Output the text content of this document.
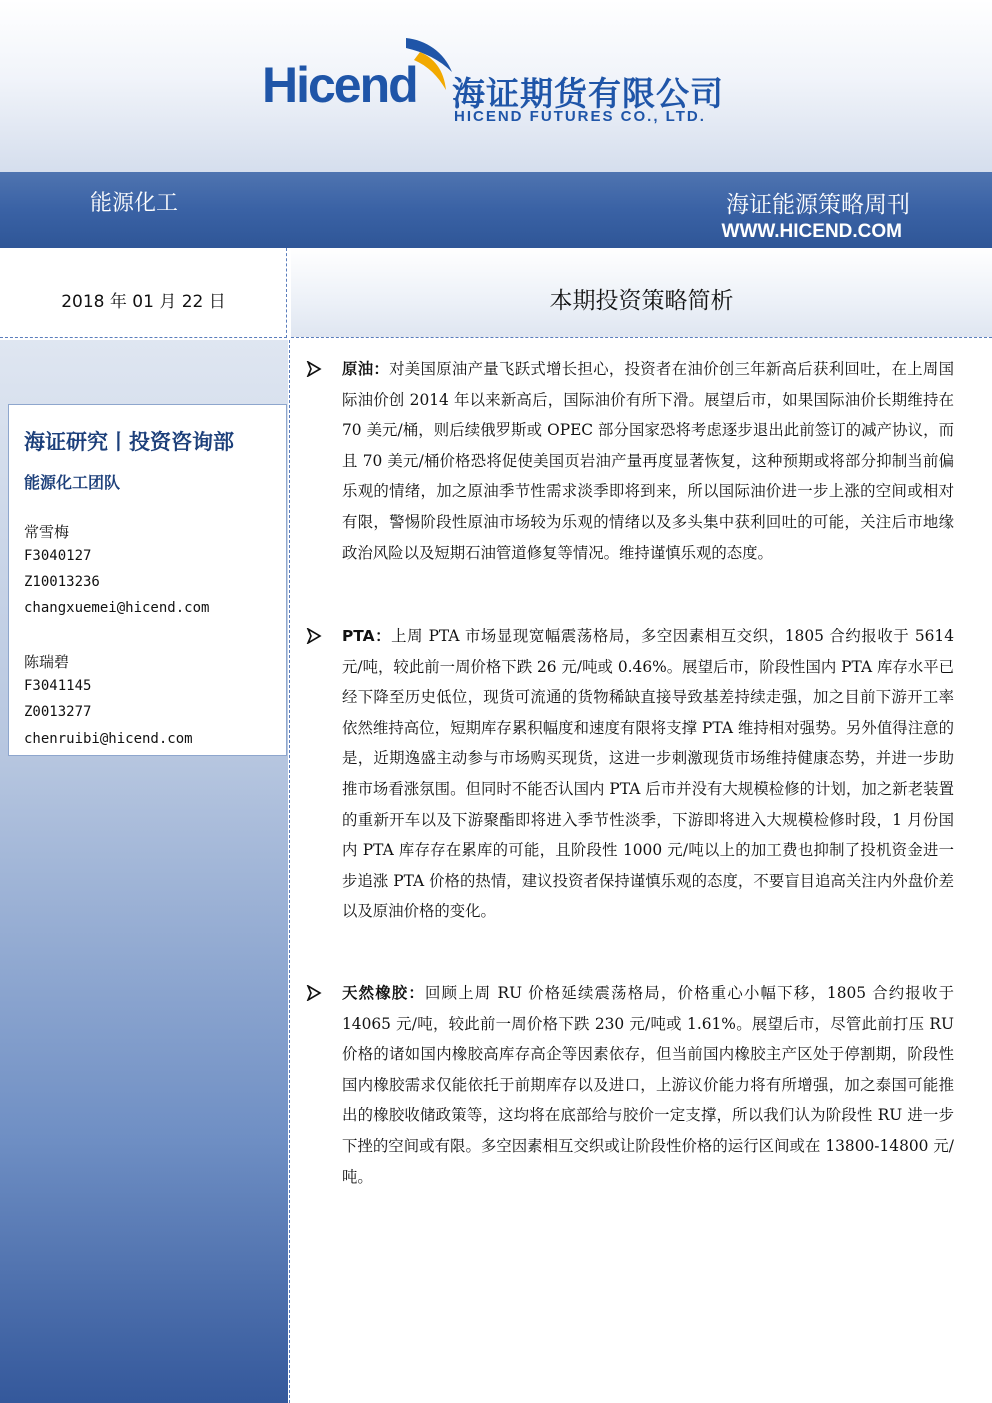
Hicend 海证期货有限公司
HICEND FUTURES CO., LTD.
能源化工	海证能源策略周刊
WWW.HICEND.COM
2018 年 01 月 22 日	本期投资策略简析
海证研究丨投资咨询部
能源化工团队
常雪梅
F3040127
Z10013236
changxuemei@hicend.com
陈瑞碧
F3041145
Z0013277
chenruibi@hicend.com
原油：对美国原油产量飞跃式增长担心，投资者在油价创三年新高后获利回吐，在上周国际油价创 2014 年以来新高后，国际油价有所下滑。展望后市，如果国际油价长期维持在 70 美元/桶，则后续俄罗斯或 OPEC 部分国家恐将考虑逐步退出此前签订的减产协议，而且 70 美元/桶价格恐将促使美国页岩油产量再度显著恢复，这种预期或将部分抑制当前偏乐观的情绪，加之原油季节性需求淡季即将到来，所以国际油价进一步上涨的空间或相对有限，警惕阶段性原油市场较为乐观的情绪以及多头集中获利回吐的可能，关注后市地缘政治风险以及短期石油管道修复等情况。维持谨慎乐观的态度。
PTA：上周 PTA 市场显现宽幅震荡格局，多空因素相互交织，1805 合约报收于 5614 元/吨，较此前一周价格下跌 26 元/吨或 0.46%。展望后市，阶段性国内 PTA 库存水平已经下降至历史低位，现货可流通的货物稀缺直接导致基差持续走强，加之目前下游开工率依然维持高位，短期库存累积幅度和速度有限将支撑 PTA 维持相对强势。另外值得注意的是，近期逸盛主动参与市场购买现货，这进一步刺激现货市场维持健康态势，并进一步助推市场看涨氛围。但同时不能否认国内 PTA 后市并没有大规模检修的计划，加之新老装置的重新开车以及下游聚酯即将进入季节性淡季，下游即将进入大规模检修时段，1 月份国内 PTA 库存存在累库的可能，且阶段性 1000 元/吨以上的加工费也抑制了投机资金进一步追涨 PTA 价格的热情，建议投资者保持谨慎乐观的态度，不要盲目追高关注内外盘价差以及原油价格的变化。
天然橡胶：回顾上周 RU 价格延续震荡格局，价格重心小幅下移，1805 合约报收于 14065 元/吨，较此前一周价格下跌 230 元/吨或 1.61%。展望后市，尽管此前打压 RU 价格的诸如国内橡胶高库存高企等因素依存，但当前国内橡胶主产区处于停割期，阶段性国内橡胶需求仅能依托于前期库存以及进口，上游议价能力将有所增强，加之泰国可能推出的橡胶收储政策等，这均将在底部给与胶价一定支撑，所以我们认为阶段性 RU 进一步下挫的空间或有限。多空因素相互交织或让阶段性价格的运行区间或在 13800-14800 元/吨。
